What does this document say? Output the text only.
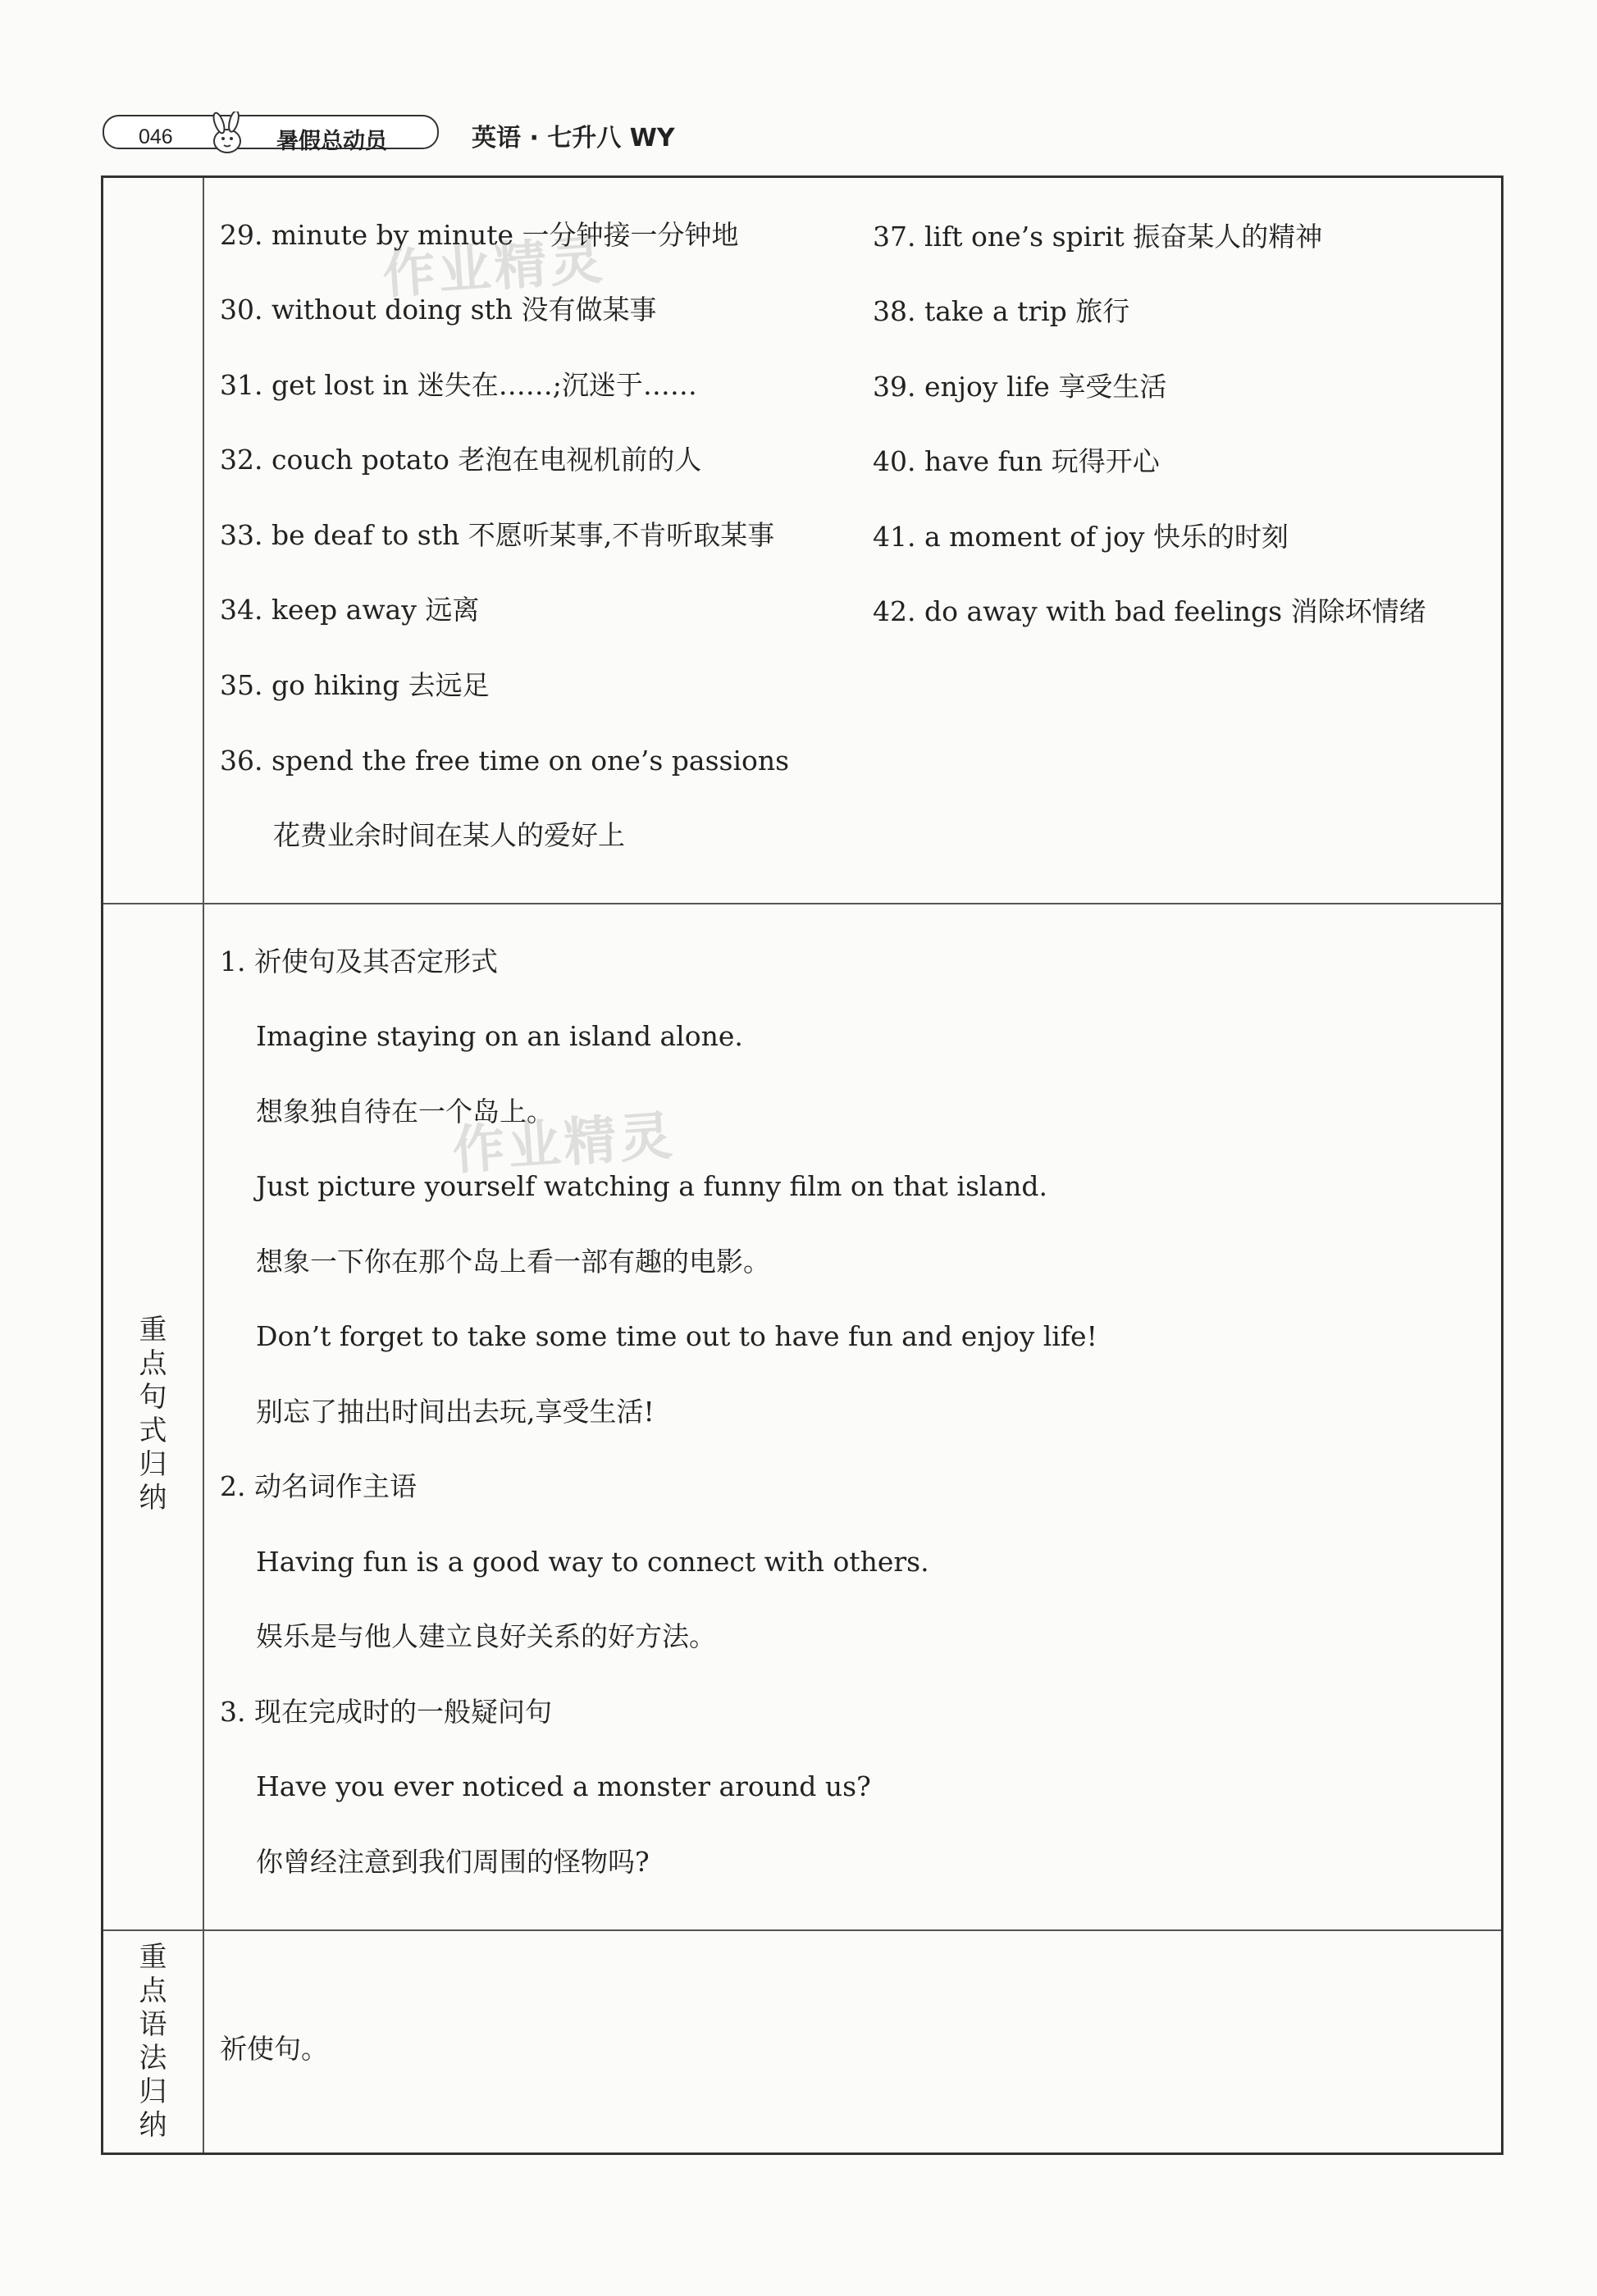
046	暑假总动员	英语 · 七升八 WY
29. minute by minute 一分钟接一分钟地
30. without doing sth 没有做某事
31. get lost in 迷失在……;沉迷于……
32. couch potato 老泡在电视机前的人
33. be deaf to sth 不愿听某事,不肯听取某事
34. keep away 远离
35. go hiking 去远足
36. spend the free time on one’s passions
花费业余时间在某人的爱好上
37. lift one’s spirit 振奋某人的精神
38. take a trip 旅行
39. enjoy life 享受生活
40. have fun 玩得开心
41. a moment of joy 快乐的时刻
42. do away with bad feelings 消除坏情绪
作业精灵
重
点
句
式
归
纳
1. 祈使句及其否定形式
Imagine staying on an island alone.
想象独自待在一个岛上。
Just picture yourself watching a funny film on that island.
想象一下你在那个岛上看一部有趣的电影。
Don’t forget to take some time out to have fun and enjoy life!
别忘了抽出时间出去玩,享受生活!
2. 动名词作主语
Having fun is a good way to connect with others.
娱乐是与他人建立良好关系的好方法。
3. 现在完成时的一般疑问句
Have you ever noticed a monster around us?
你曾经注意到我们周围的怪物吗?
作业精灵
重
点
语
法
归
纳
祈使句。
